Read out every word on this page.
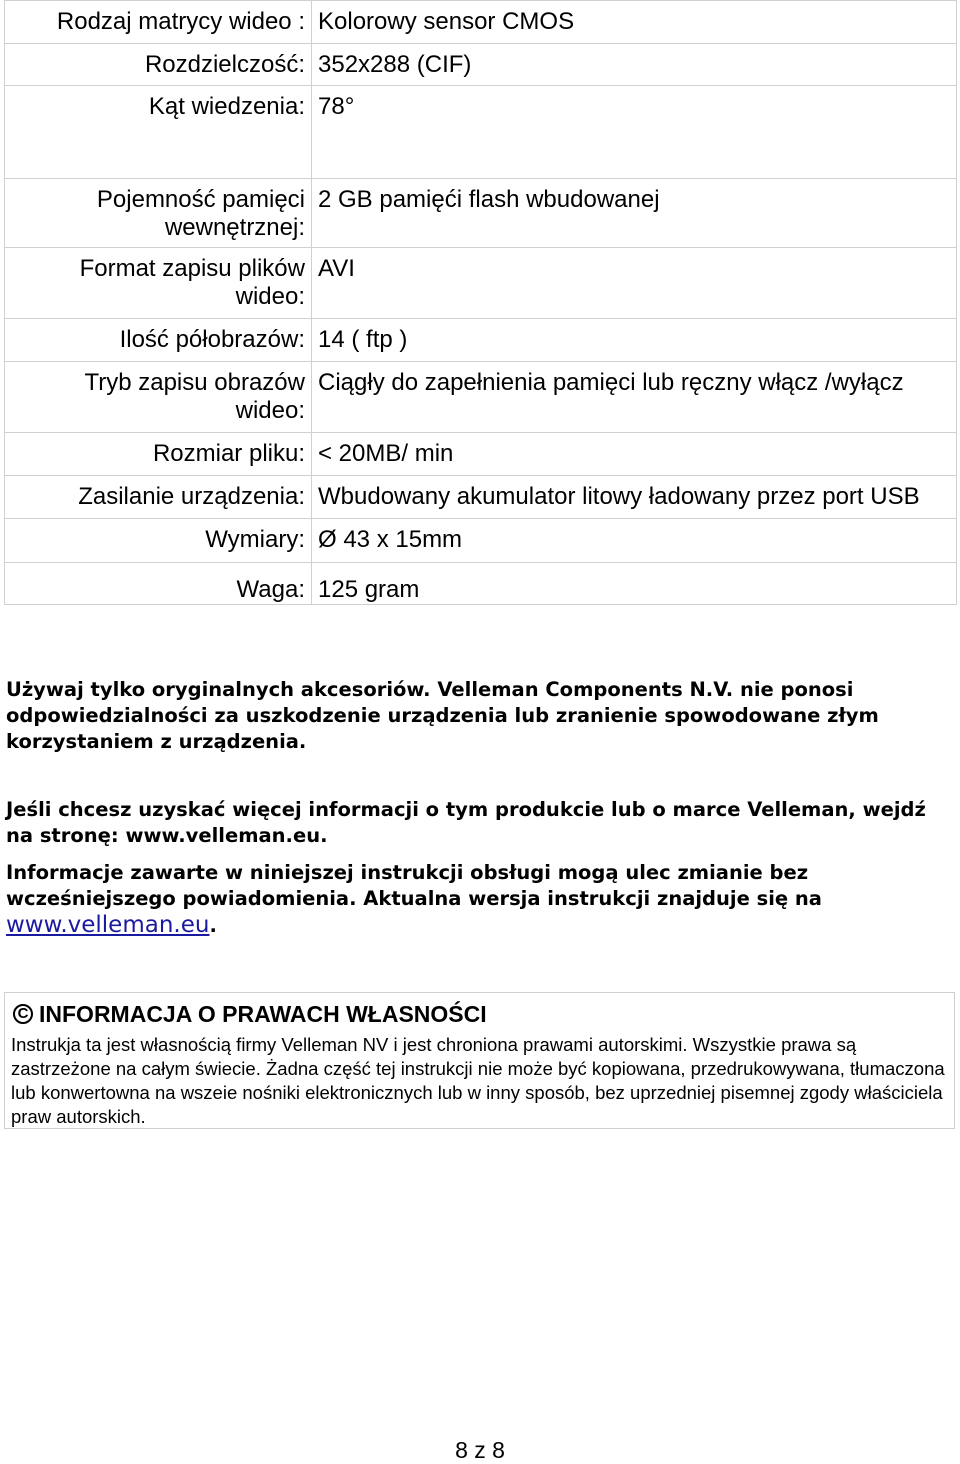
Rodzaj matrycy wideo :	Kolorowy sensor CMOS
Rozdzielczość:	352x288 (CIF)
Kąt wiedzenia:	78°
Pojemność pamięci wewnętrznej:	2 GB pamięći flash wbudowanej
Format zapisu plików wideo:	AVI
Ilość półobrazów:	14 ( ftp )
Tryb zapisu obrazów wideo:	Ciągły do zapełnienia pamięci lub ręczny włącz /wyłącz
Rozmiar pliku:	< 20MB/ min
Zasilanie urządzenia:	Wbudowany akumulator litowy ładowany przez port USB
Wymiary:	Ø 43 x 15mm
Waga:	125 gram

Używaj tylko oryginalnych akcesoriów. Velleman Components N.V. nie ponosi odpowiedzialności za uszkodzenie urządzenia lub zranienie spowodowane złym korzystaniem z urządzenia.

Jeśli chcesz uzyskać więcej informacji o tym produkcie lub o marce Velleman, wejdź na stronę: www.velleman.eu.

Informacje zawarte w niniejszej instrukcji obsługi mogą ulec zmianie bez wcześniejszego powiadomienia. Aktualna wersja instrukcji znajduje się na www.velleman.eu.

C INFORMACJA O PRAWACH WŁASNOŚCI
Instrukja ta jest własnością firmy Velleman NV i jest chroniona prawami autorskimi. Wszystkie prawa są zastrzeżone na całym świecie. Żadna część tej instrukcji nie może być kopiowana, przedrukowywana, tłumaczona lub konwertowna na wszeie nośniki elektronicznych lub w inny sposób, bez uprzedniej pisemnej zgody właściciela praw autorskich.
8 z 8
